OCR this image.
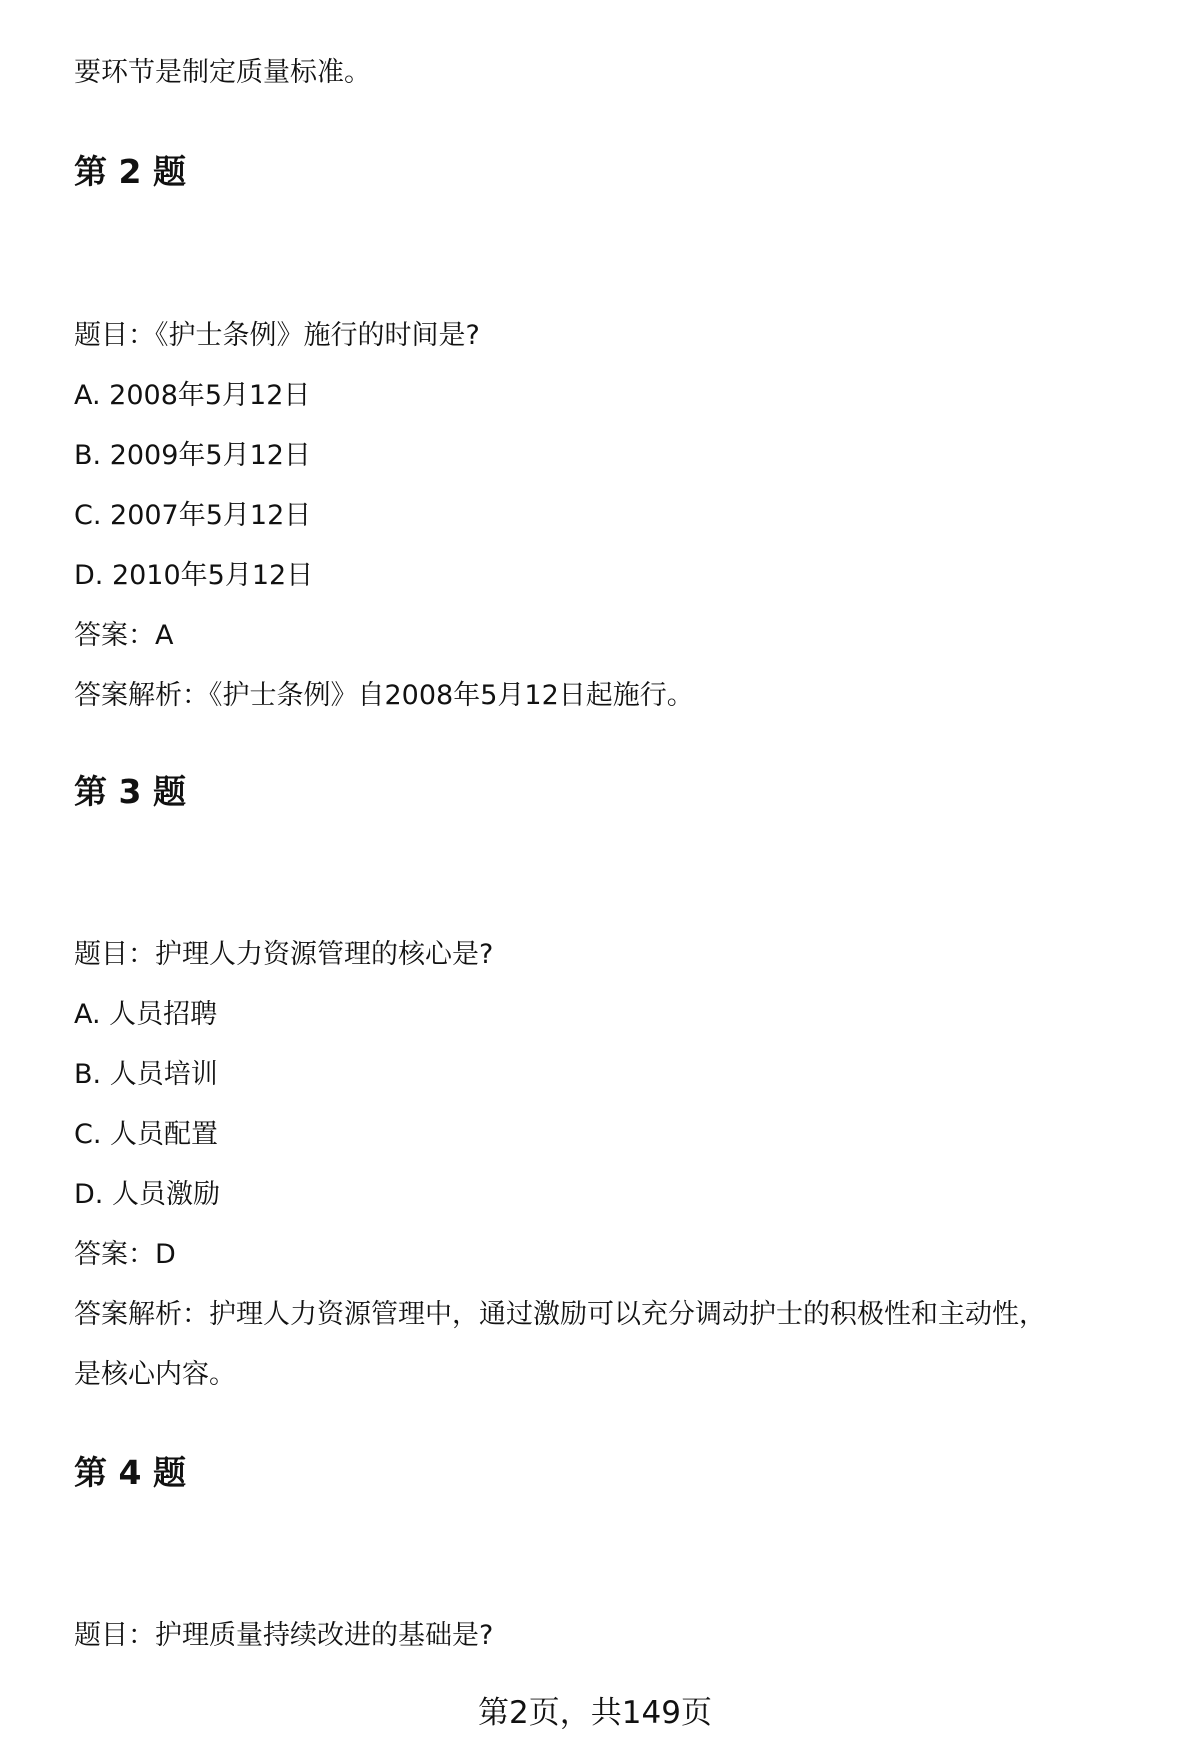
要环节是制定质量标准。
第 2 题
题目：《护士条例》施行的时间是?
A. 2008年5月12日
B. 2009年5月12日
C. 2007年5月12日
D. 2010年5月12日
答案：A
答案解析：《护士条例》自2008年5月12日起施行。
第 3 题
题目：护理人力资源管理的核心是?
A. 人员招聘
B. 人员培训
C. 人员配置
D. 人员激励
答案：D
答案解析：护理人力资源管理中，通过激励可以充分调动护士的积极性和主动性，
是核心内容。
第 4 题
题目：护理质量持续改进的基础是?
第2页，共149页
